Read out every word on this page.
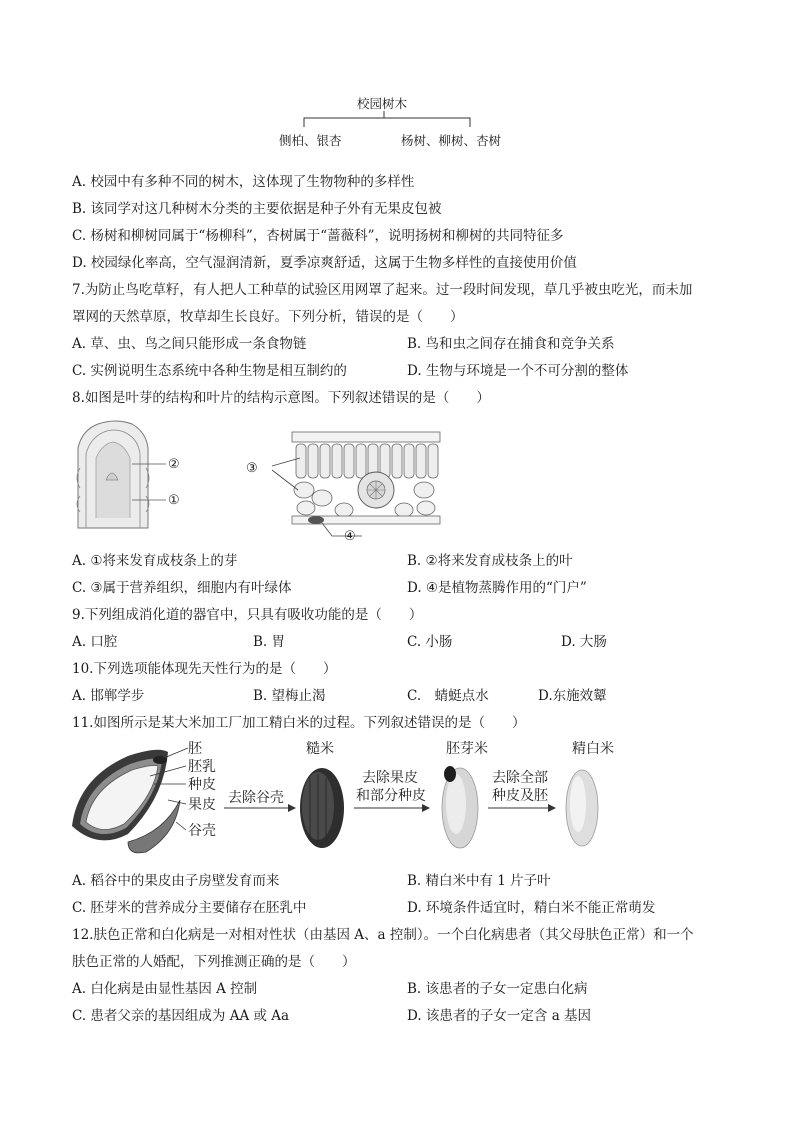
校园树木
侧柏、银杏	杨树、柳树、杏树
A. 校园中有多种不同的树木，这体现了生物物种的多样性
B. 该同学对这几种树木分类的主要依据是种子外有无果皮包被
C. 杨树和柳树同属于“杨柳科”，杏树属于“蔷薇科”，说明扬树和柳树的共同特征多
D. 校园绿化率高，空气湿润清新，夏季凉爽舒适，这属于生物多样性的直接使用价值
7.为防止鸟吃草籽，有人把人工种草的试验区用网罩了起来。过一段时间发现，草几乎被虫吃光，而未加
罩网的天然草原，牧草却生长良好。下列分析，错误的是（　　）
A. 草、虫、鸟之间只能形成一条食物链	B. 鸟和虫之间存在捕食和竞争关系
C. 实例说明生态系统中各种生物是相互制约的	D. 生物与环境是一个不可分割的整体
8.如图是叶芽的结构和叶片的结构示意图。下列叙述错误的是（　　）
②
①
③
④
A. ①将来发育成枝条上的芽	B. ②将来发育成枝条上的叶
C. ③属于营养组织，细胞内有叶绿体	D. ④是植物蒸腾作用的“门户”
9.下列组成消化道的器官中，只具有吸收功能的是（　　）
A. 口腔	B. 胃	C. 小肠	D. 大肠
10.下列选项能体现先天性行为的是（　　）
A. 邯郸学步	B. 望梅止渴	C.　蜻蜓点水	D.东施效颦
11.如图所示是某大米加工厂加工精白米的过程。下列叙述错误的是（　　）
胚
胚乳
种皮
果皮
谷壳
去除谷壳
糙米
去除果皮
和部分种皮
胚芽米
去除全部
种皮及胚
精白米
A. 稻谷中的果皮由子房壁发育而来	B. 精白米中有 1 片子叶
C. 胚芽米的营养成分主要储存在胚乳中	D. 环境条件适宜时，精白米不能正常萌发
12.肤色正常和白化病是一对相对性状（由基因 A、a 控制）。一个白化病患者（其父母肤色正常）和一个
肤色正常的人婚配，下列推测正确的是（　　）
A. 白化病是由显性基因 A 控制	B. 该患者的子女一定患白化病
C. 患者父亲的基因组成为 AA 或 Aa	D. 该患者的子女一定含 a 基因
